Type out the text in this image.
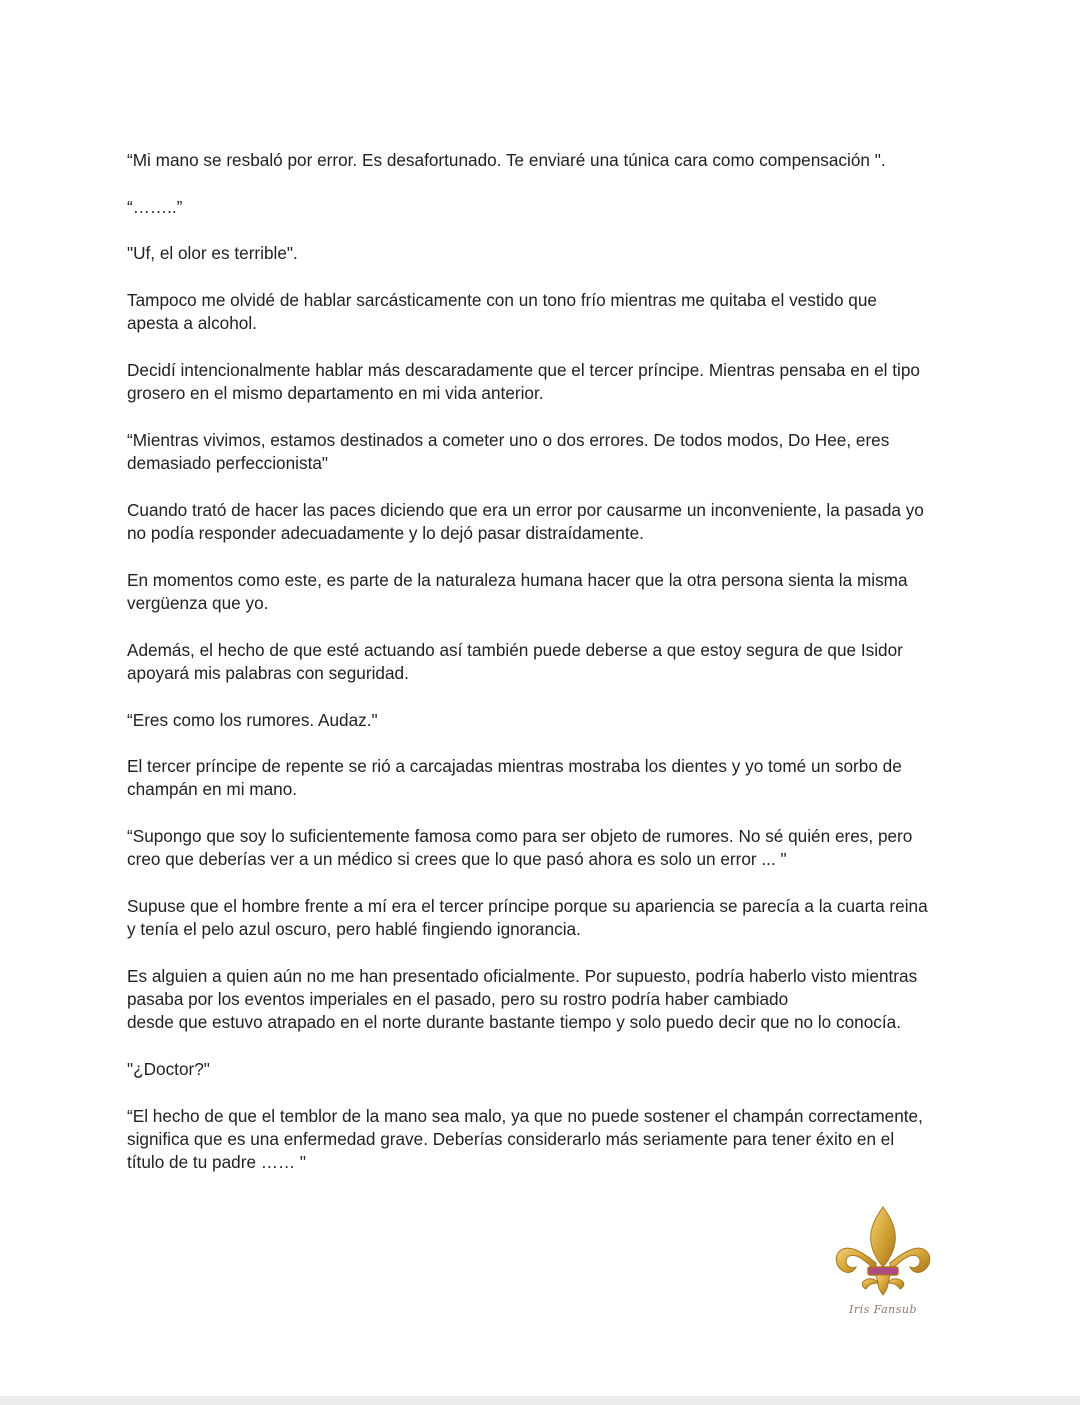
“Mi mano se resbaló por error. Es desafortunado. Te enviaré una túnica cara como compensación ".

“……..”

"Uf, el olor es terrible".

Tampoco me olvidé de hablar sarcásticamente con un tono frío mientras me quitaba el vestido que
apesta a alcohol.

Decidí intencionalmente hablar más descaradamente que el tercer príncipe. Mientras pensaba en el tipo
grosero en el mismo departamento en mi vida anterior.

“Mientras vivimos, estamos destinados a cometer uno o dos errores. De todos modos, Do Hee, eres
demasiado perfeccionista"

Cuando trató de hacer las paces diciendo que era un error por causarme un inconveniente, la pasada yo
no podía responder adecuadamente y lo dejó pasar distraídamente.

En momentos como este, es parte de la naturaleza humana hacer que la otra persona sienta la misma
vergüenza que yo.

Además, el hecho de que esté actuando así también puede deberse a que estoy segura de que Isidor
apoyará mis palabras con seguridad.

“Eres como los rumores. Audaz."

El tercer príncipe de repente se rió a carcajadas mientras mostraba los dientes y yo tomé un sorbo de
champán en mi mano.

“Supongo que soy lo suficientemente famosa como para ser objeto de rumores. No sé quién eres, pero
creo que deberías ver a un médico si crees que lo que pasó ahora es solo un error ... "

Supuse que el hombre frente a mí era el tercer príncipe porque su apariencia se parecía a la cuarta reina
y tenía el pelo azul oscuro, pero hablé fingiendo ignorancia.

Es alguien a quien aún no me han presentado oficialmente. Por supuesto, podría haberlo visto mientras
pasaba por los eventos imperiales en el pasado, pero su rostro podría haber cambiado
desde que estuvo atrapado en el norte durante bastante tiempo y solo puedo decir que no lo conocía.

"¿Doctor?"

“El hecho de que el temblor de la mano sea malo, ya que no puede sostener el champán correctamente,
significa que es una enfermedad grave. Deberías considerarlo más seriamente para tener éxito en el
título de tu padre …… "

Iris Fansub
